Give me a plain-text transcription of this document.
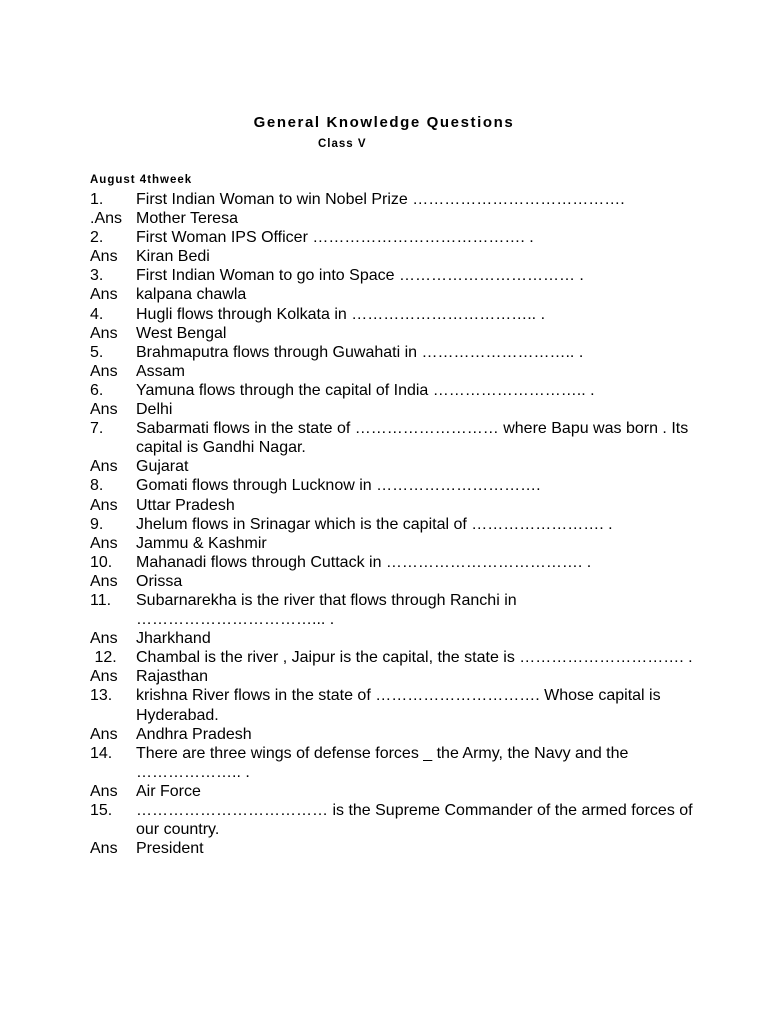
General Knowledge Questions
Class V
August 4thweek
1.	First Indian Woman to win Nobel Prize ………………………………….
.Ans Mother Teresa
2.	First Woman IPS Officer …………………………………. .
Ans	Kiran Bedi
3.	First Indian Woman to go into Space …………………………… .
Ans	kalpana chawla
4.	Hugli flows through Kolkata in …………………………….. .
Ans	West Bengal
5.	Brahmaputra flows through Guwahati in ……………………….. .
Ans	Assam
6.	Yamuna flows through the capital of India ……………………….. .
Ans	Delhi
7.	Sabarmati flows in the state of ……………………… where Bapu was born . Its capital is Gandhi Nagar.
Ans	Gujarat
8.	Gomati flows through Lucknow in ………………………….
Ans	Uttar Pradesh
9.	Jhelum flows in Srinagar which is the capital of ……………………. .
Ans	Jammu & Kashmir
10.	Mahanadi flows through Cuttack in ………………………………. .
Ans	Orissa
11.	Subarnarekha is the river that flows through Ranchi in ……………………………... .
Ans	Jharkhand
12.	Chambal is the river , Jaipur is the capital, the state is …………………………. .
Ans	Rajasthan
13.	krishna River flows in the state of …………………………. Whose capital is Hyderabad.
Ans	Andhra Pradesh
14.	There are three wings of defense forces _ the Army, the Navy and the ……………….. .
Ans	Air Force
15.	……………………………… is the Supreme Commander of the armed forces of our country.
Ans	President
